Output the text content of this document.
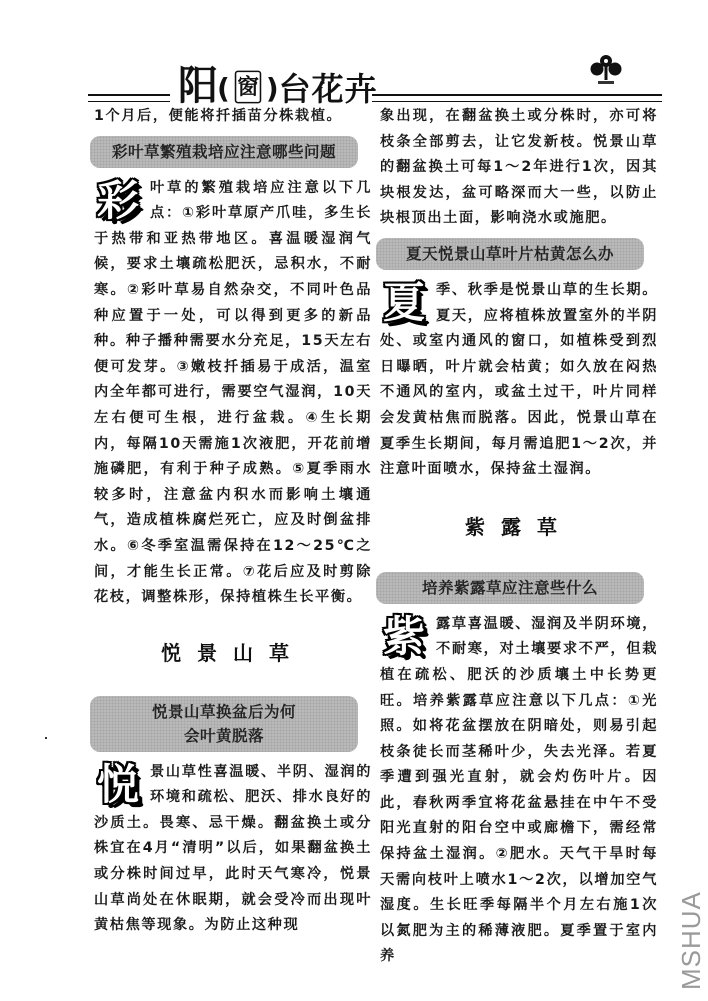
阳 ( 窗 ) 台花卉

1个月后，便能将扦插苗分株栽植。

彩叶草繁殖栽培应注意哪些问题
彩 叶草的繁殖栽培应注意以下几点：①彩叶草原产爪哇，多生长于热带和亚热带地区。喜温暖湿润气候，要求土壤疏松肥沃，忌积水，不耐寒。②彩叶草易自然杂交，不同叶色品种应置于一处，可以得到更多的新品种。种子播种需要水分充足，15天左右便可发芽。③嫩枝扦插易于成活，温室内全年都可进行，需要空气湿润，10天左右便可生根，进行盆栽。④生长期内，每隔10天需施1次液肥，开花前增施磷肥，有利于种子成熟。⑤夏季雨水较多时，注意盆内积水而影响土壤通气，造成植株腐烂死亡，应及时倒盆排水。⑥冬季室温需保持在12～25℃之间，才能生长正常。⑦花后应及时剪除花枝，调整株形，保持植株生长平衡。

悦景山草

悦景山草换盆后为何
会叶黄脱落
悦 景山草性喜温暖、半阴、湿润的环境和疏松、肥沃、排水良好的沙质土。畏寒、忌干燥。翻盆换土或分株宜在4月“清明”以后，如果翻盆换土或分株时间过早，此时天气寒冷，悦景山草尚处在休眠期，就会受冷而出现叶黄枯焦等现象。为防止这种现

象出现，在翻盆换土或分株时，亦可将枝条全部剪去，让它发新枝。悦景山草的翻盆换土可每1～2年进行1次，因其块根发达，盆可略深而大一些，以防止块根顶出土面，影响浇水或施肥。

夏天悦景山草叶片枯黄怎么办
夏 季、秋季是悦景山草的生长期。夏天，应将植株放置室外的半阴处、或室内通风的窗口，如植株受到烈日曝晒，叶片就会枯黄；如久放在闷热不通风的室内，或盆土过干，叶片同样会发黄枯焦而脱落。因此，悦景山草在夏季生长期间，每月需追肥1～2次，并注意叶面喷水，保持盆土湿润。

紫露草

培养紫露草应注意些什么
紫 露草喜温暖、湿润及半阴环境，不耐寒，对土壤要求不严，但栽植在疏松、肥沃的沙质壤土中长势更旺。培养紫露草应注意以下几点：①光照。如将花盆摆放在阴暗处，则易引起枝条徒长而茎稀叶少，失去光泽。若夏季遭到强光直射，就会灼伤叶片。因此，春秋两季宜将花盆悬挂在中午不受阳光直射的阳台空中或廊檐下，需经常保持盆土湿润。②肥水。天气干旱时每天需向枝叶上喷水1～2次，以增加空气湿度。生长旺季每隔半个月左右施1次以氮肥为主的稀薄液肥。夏季置于室内养	MSHUA
